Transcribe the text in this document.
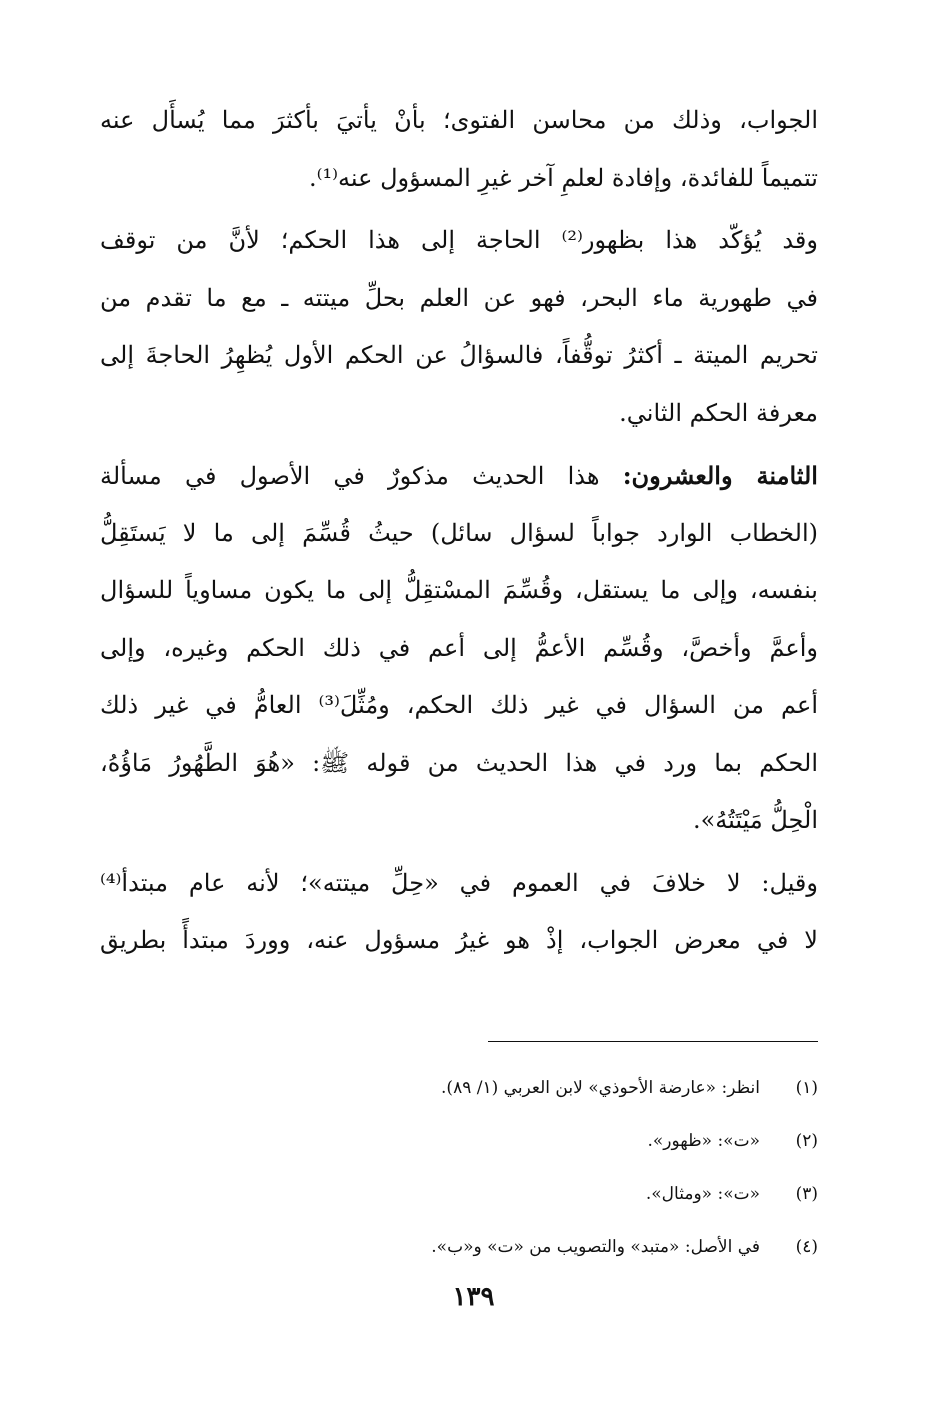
الجواب، وذلك من محاسن الفتوى؛ بأنْ يأتيَ بأكثرَ مما يُسأَل عنه
تتميماً للفائدة، وإفادة لعلمِ آخر غيرِ المسؤول عنه⁽¹⁾.
وقد يُؤكّد هذا بظهور⁽²⁾ الحاجة إلى هذا الحكم؛ لأنَّ من توقف
في طهورية ماء البحر، فهو عن العلم بحلِّ ميتته ـ مع ما تقدم من
تحريم الميتة ـ أكثرُ توقُّفاً، فالسؤالُ عن الحكم الأول يُظهِرُ الحاجةَ إلى
معرفة الحكم الثاني.
الثامنة والعشرون: هذا الحديث مذكورٌ في الأصول في مسألة
(الخطاب الوارد جواباً لسؤال سائل) حيثُ قُسِّمَ إلى ما لا يَستَقِلُّ
بنفسه، وإلى ما يستقل، وقُسِّمَ المسْتقِلُّ إلى ما يكون مساوياً للسؤال
وأعمَّ وأخصَّ، وقُسِّم الأعمُّ إلى أعم في ذلك الحكم وغيره، وإلى
أعم من السؤال في غير ذلك الحكم، ومُثِّلَ⁽³⁾ العامُّ في غير ذلك
الحكم بما ورد في هذا الحديث من قوله ﷺ: «هُوَ الطَّهُورُ مَاؤُهُ،
الْحِلُّ مَيْتَتُهُ».
وقيل: لا خلافَ في العموم في «حِلِّ ميتته»؛ لأنه عام مبتدأ⁽⁴⁾
لا في معرض الجواب، إذْ هو غيرُ مسؤول عنه، ووردَ مبتدأً بطريق
(١)انظر: «عارضة الأحوذي» لابن العربي (١/ ٨٩).
(٢)«ت»: «ظهور».
(٣)«ت»: «ومثال».
(٤)في الأصل: «متبد» والتصويب من «ت» و«ب».
١٣٩
